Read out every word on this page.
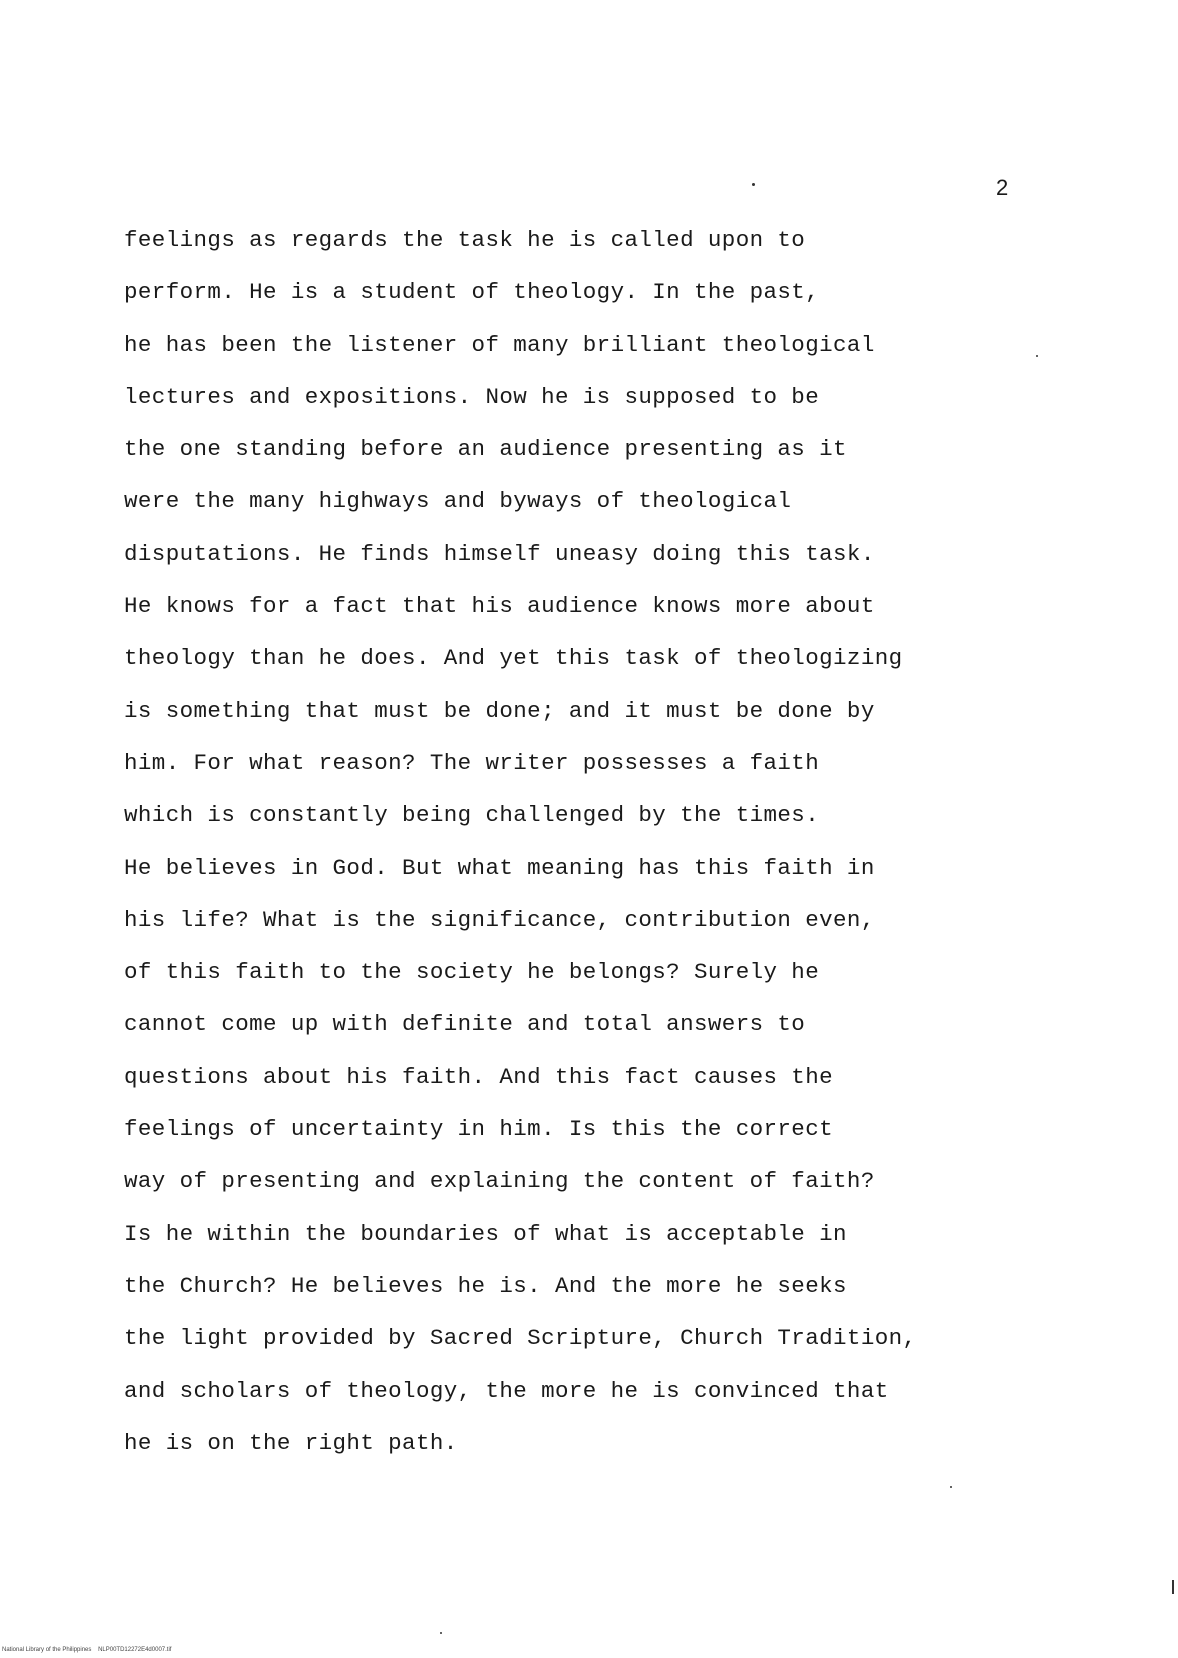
2
feelings as regards the task he is called upon to
perform. He is a student of theology. In the past,
he has been the listener of many brilliant theological
lectures and expositions. Now he is supposed to be
the one standing before an audience presenting as it
were the many highways and byways of theological
disputations. He finds himself uneasy doing this task.
He knows for a fact that his audience knows more about
theology than he does. And yet this task of theologizing
is something that must be done; and it must be done by
him. For what reason? The writer possesses a faith
which is constantly being challenged by the times.
He believes in God. But what meaning has this faith in
his life? What is the significance, contribution even,
of this faith to the society he belongs? Surely he
cannot come up with definite and total answers to
questions about his faith. And this fact causes the
feelings of uncertainty in him. Is this the correct
way of presenting and explaining the content of faith?
Is he within the boundaries of what is acceptable in
the Church? He believes he is. And the more he seeks
the light provided by Sacred Scripture, Church Tradition,
and scholars of theology, the more he is convinced that
he is on the right path.
National Library of the Philippines NLP00TD12272E4d0007.tif
